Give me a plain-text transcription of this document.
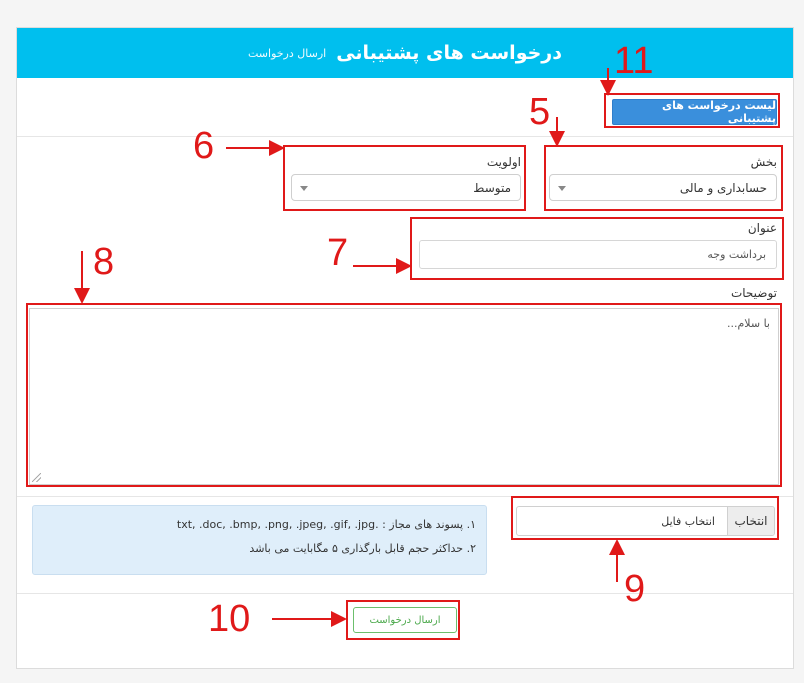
درخواست های پشتیبانی
ارسال درخواست
لیست درخواست های پشتیبانی
بخش
حسابداری و مالی
اولویت
متوسط
عنوان
برداشت وجه
توضیحات
با سلام...
انتخاب
انتخاب فایل
۱. پسوند های مجاز : .txt, .doc, .bmp, .png, .jpeg, .gif, .jpg
۲. حداکثر حجم قابل بارگذاری ۵ مگابایت می باشد
ارسال درخواست
11
5
6
7
8
9
10
